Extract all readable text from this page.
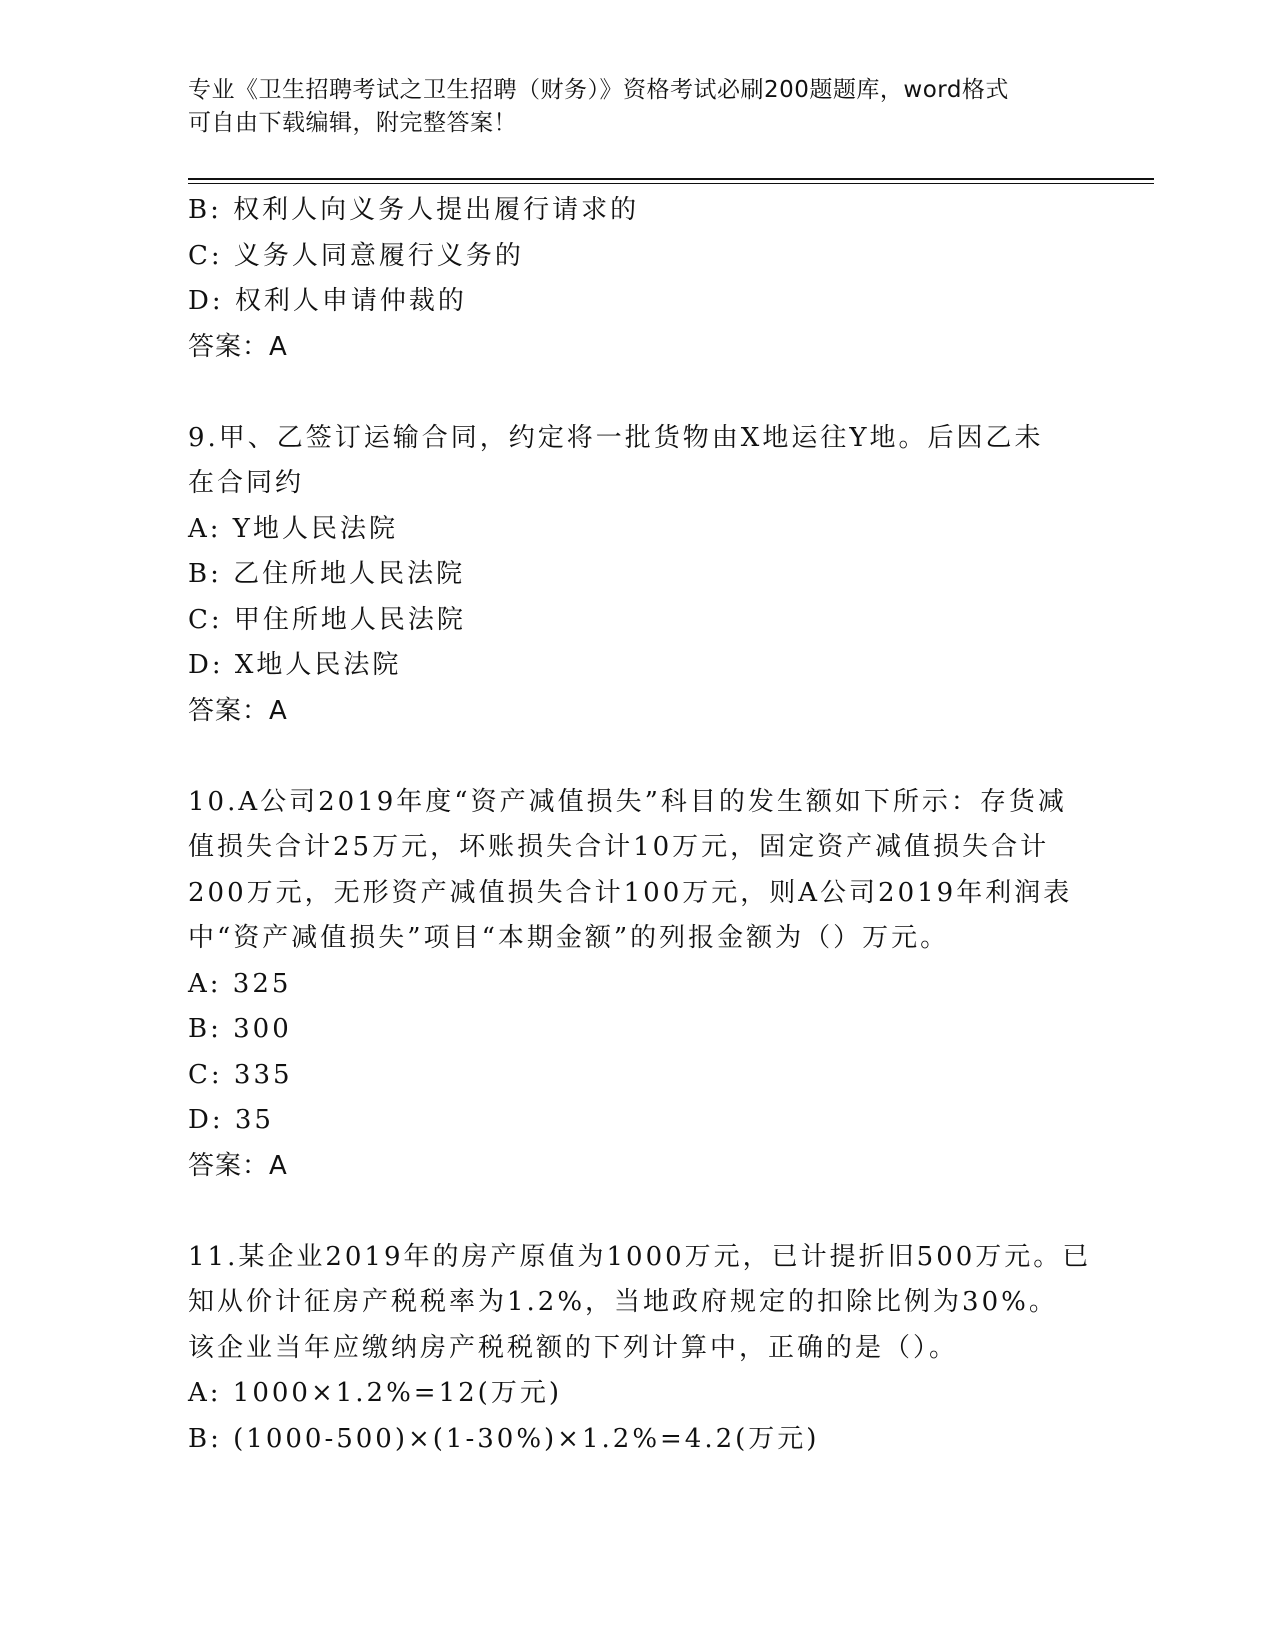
专业《卫生招聘考试之卫生招聘（财务）》资格考试必刷200题题库，word格式
可自由下载编辑，附完整答案！
B: 权利人向义务人提出履行请求的
C: 义务人同意履行义务的
D: 权利人申请仲裁的
答案：A
9.甲、乙签订运输合同，约定将一批货物由X地运往Y地。后因乙未
在合同约
A: Y地人民法院
B: 乙住所地人民法院
C: 甲住所地人民法院
D: X地人民法院
答案：A
10.A公司2019年度“资产减值损失”科目的发生额如下所示：存货减
值损失合计25万元，坏账损失合计10万元，固定资产减值损失合计
200万元，无形资产减值损失合计100万元，则A公司2019年利润表
中“资产减值损失”项目“本期金额”的列报金额为（）万元。
A: 325
B: 300
C: 335
D: 35
答案：A
11.某企业2019年的房产原值为1000万元，已计提折旧500万元。已
知从价计征房产税税率为1.2%，当地政府规定的扣除比例为30%。
该企业当年应缴纳房产税税额的下列计算中，正确的是（）。
A: 1000×1.2%=12(万元)
B: (1000-500)×(1-30%)×1.2%=4.2(万元)
